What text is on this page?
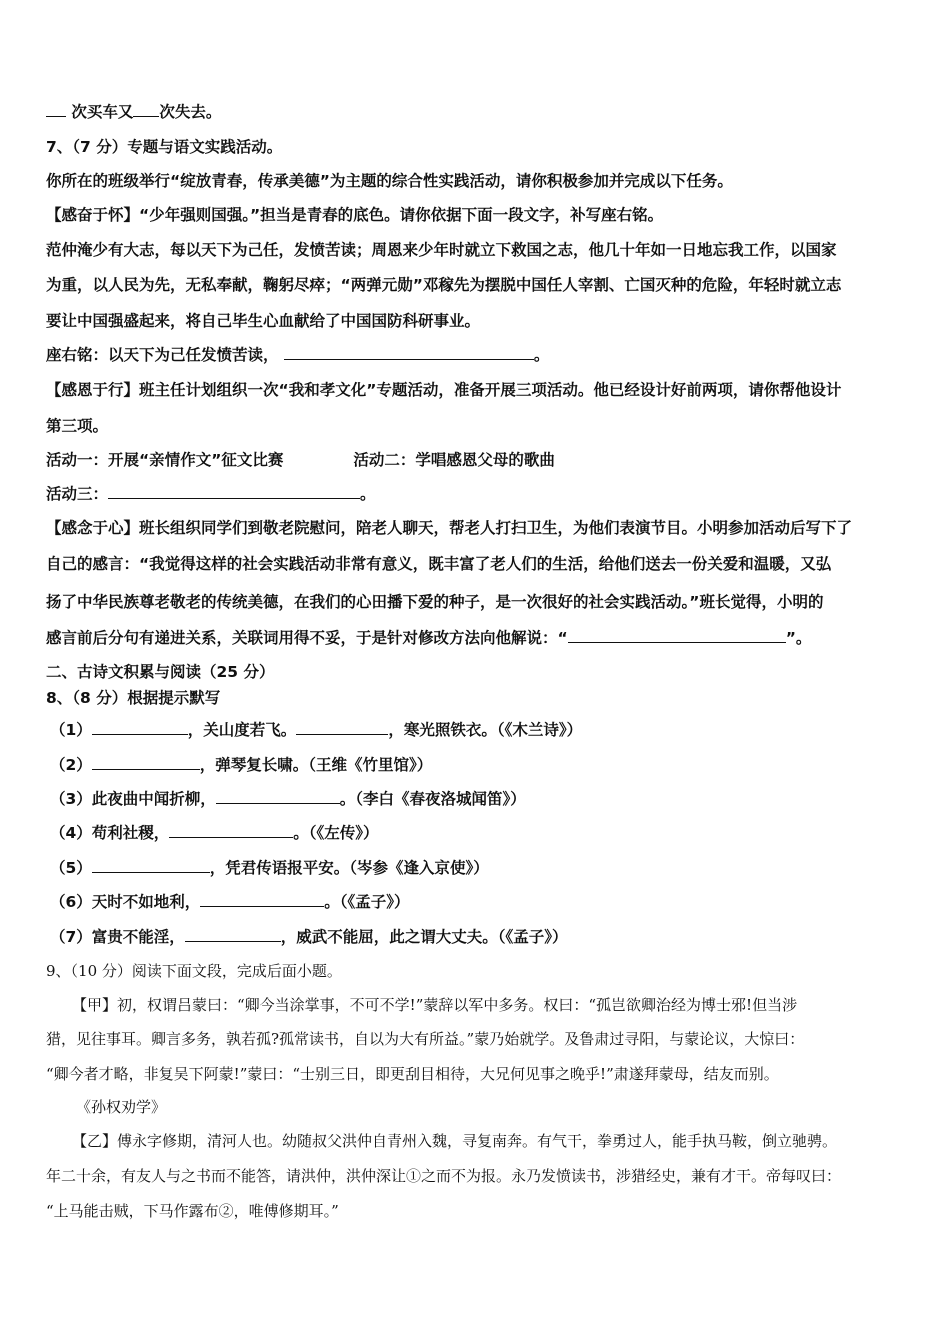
次买车又 次失去。
7、（7 分）专题与语文实践活动。
你所在的班级举行“绽放青春，传承美德”为主题的综合性实践活动，请你积极参加并完成以下任务。
【感奋于怀】“少年强则国强。”担当是青春的底色。请你依据下面一段文字，补写座右铭。
范仲淹少有大志，每以天下为己任，发愤苦读；周恩来少年时就立下救国之志，他几十年如一日地忘我工作，以国家
为重，以人民为先，无私奉献，鞠躬尽瘁；“两弹元勋”邓稼先为摆脱中国任人宰割、亡国灭种的危险，年轻时就立志
要让中国强盛起来，将自己毕生心血献给了中国国防科研事业。
座右铭：以天下为己任发愤苦读，	。
【感恩于行】班主任计划组织一次“我和孝文化”专题活动，准备开展三项活动。他已经设计好前两项，请你帮他设计
第三项。
活动一：开展“亲情作文”征文比赛	活动二：学唱感恩父母的歌曲
活动三：	。
【感念于心】班长组织同学们到敬老院慰问，陪老人聊天，帮老人打扫卫生，为他们表演节目。小明参加活动后写下了
自己的感言：“我觉得这样的社会实践活动非常有意义，既丰富了老人们的生活，给他们送去一份关爱和温暖，又弘
扬了中华民族尊老敬老的传统美德，在我们的心田播下爱的种子，是一次很好的社会实践活动。”班长觉得，小明的
感言前后分句有递进关系，关联词用得不妥，于是针对修改方法向他解说：“	”。
二、古诗文积累与阅读（25 分）
8、（8 分）根据提示默写
（1）	，关山度若飞。	，寒光照铁衣。（《木兰诗》）
（2）	，弹琴复长啸。（王维《竹里馆》）
（3）此夜曲中闻折柳，	。（李白《春夜洛城闻笛》）
（4）苟利社稷，	。（《左传》）
（5）	，凭君传语报平安。（岑参《逢入京使》）
（6）天时不如地利，	。（《孟子》）
（7）富贵不能淫，	，威武不能屈，此之谓大丈夫。（《孟子》）
9、（10 分）阅读下面文段，完成后面小题。
【甲】初，权谓吕蒙曰：“卿今当涂掌事，不可不学!”蒙辞以军中多务。权曰：“孤岂欲卿治经为博士邪!但当涉
猎，见往事耳。卿言多务，孰若孤?孤常读书，自以为大有所益。”蒙乃始就学。及鲁肃过寻阳，与蒙论议，大惊曰：
“卿今者才略，非复吴下阿蒙!”蒙曰：“士别三日，即更刮目相待，大兄何见事之晚乎!”肃遂拜蒙母，结友而别。
《孙权劝学》
【乙】傅永字修期，清河人也。幼随叔父洪仲自青州入魏，寻复南奔。有气干，拳勇过人，能手执马鞍，倒立驰骋。
年二十余，有友人与之书而不能答，请洪仲，洪仲深让①之而不为报。永乃发愤读书，涉猎经史，兼有才干。帝每叹曰：
“上马能击贼，下马作露布②，唯傅修期耳。”
